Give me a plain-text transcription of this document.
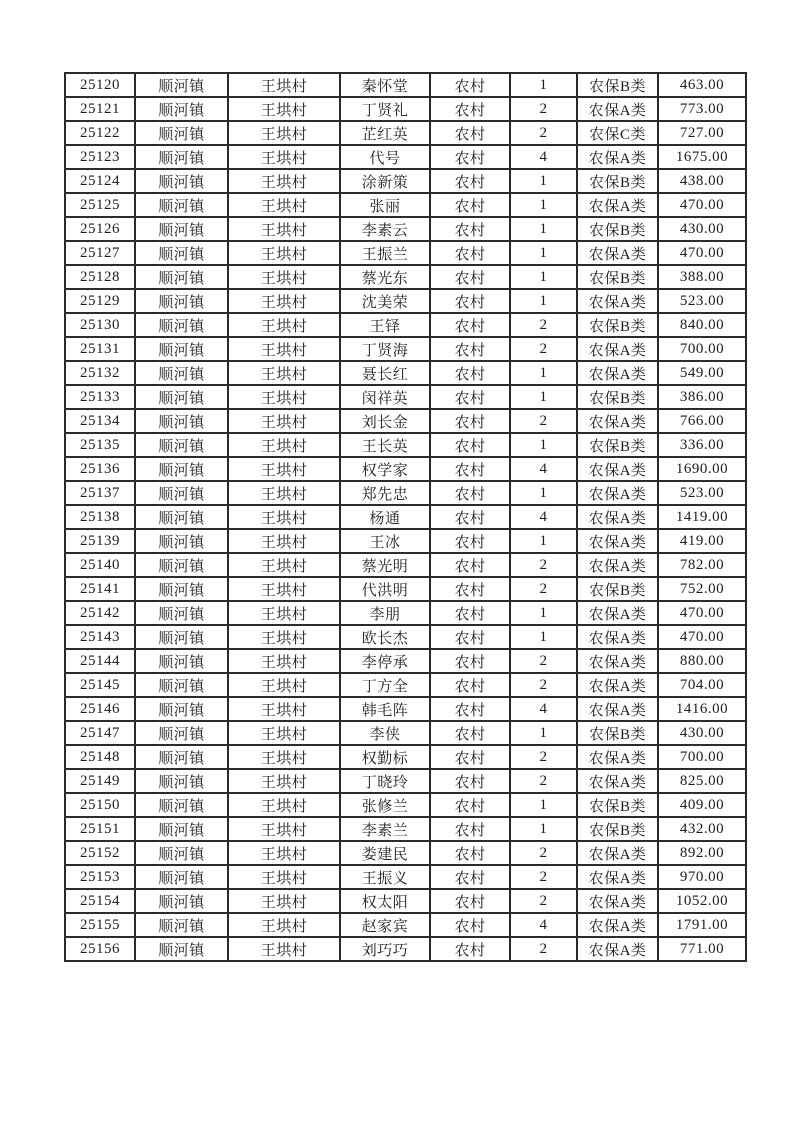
25120	顺河镇	王垬村	秦怀堂	农村	1	农保B类	463.00
25121	顺河镇	王垬村	丁贤礼	农村	2	农保A类	773.00
25122	顺河镇	王垬村	芷红英	农村	2	农保C类	727.00
25123	顺河镇	王垬村	代号	农村	4	农保A类	1675.00
25124	顺河镇	王垬村	涂新策	农村	1	农保B类	438.00
25125	顺河镇	王垬村	张丽	农村	1	农保A类	470.00
25126	顺河镇	王垬村	李素云	农村	1	农保B类	430.00
25127	顺河镇	王垬村	王振兰	农村	1	农保A类	470.00
25128	顺河镇	王垬村	蔡光东	农村	1	农保B类	388.00
25129	顺河镇	王垬村	沈美荣	农村	1	农保A类	523.00
25130	顺河镇	王垬村	王铎	农村	2	农保B类	840.00
25131	顺河镇	王垬村	丁贤海	农村	2	农保A类	700.00
25132	顺河镇	王垬村	聂长红	农村	1	农保A类	549.00
25133	顺河镇	王垬村	闵祥英	农村	1	农保B类	386.00
25134	顺河镇	王垬村	刘长金	农村	2	农保A类	766.00
25135	顺河镇	王垬村	王长英	农村	1	农保B类	336.00
25136	顺河镇	王垬村	权学家	农村	4	农保A类	1690.00
25137	顺河镇	王垬村	郑先忠	农村	1	农保A类	523.00
25138	顺河镇	王垬村	杨通	农村	4	农保A类	1419.00
25139	顺河镇	王垬村	王冰	农村	1	农保A类	419.00
25140	顺河镇	王垬村	蔡光明	农村	2	农保A类	782.00
25141	顺河镇	王垬村	代洪明	农村	2	农保B类	752.00
25142	顺河镇	王垬村	李朋	农村	1	农保A类	470.00
25143	顺河镇	王垬村	欧长杰	农村	1	农保A类	470.00
25144	顺河镇	王垬村	李停承	农村	2	农保A类	880.00
25145	顺河镇	王垬村	丁方全	农村	2	农保A类	704.00
25146	顺河镇	王垬村	韩毛阵	农村	4	农保A类	1416.00
25147	顺河镇	王垬村	李侠	农村	1	农保B类	430.00
25148	顺河镇	王垬村	权勤标	农村	2	农保A类	700.00
25149	顺河镇	王垬村	丁晓玲	农村	2	农保A类	825.00
25150	顺河镇	王垬村	张修兰	农村	1	农保B类	409.00
25151	顺河镇	王垬村	李素兰	农村	1	农保B类	432.00
25152	顺河镇	王垬村	娄建民	农村	2	农保A类	892.00
25153	顺河镇	王垬村	王振义	农村	2	农保A类	970.00
25154	顺河镇	王垬村	权太阳	农村	2	农保A类	1052.00
25155	顺河镇	王垬村	赵家宾	农村	4	农保A类	1791.00
25156	顺河镇	王垬村	刘巧巧	农村	2	农保A类	771.00
